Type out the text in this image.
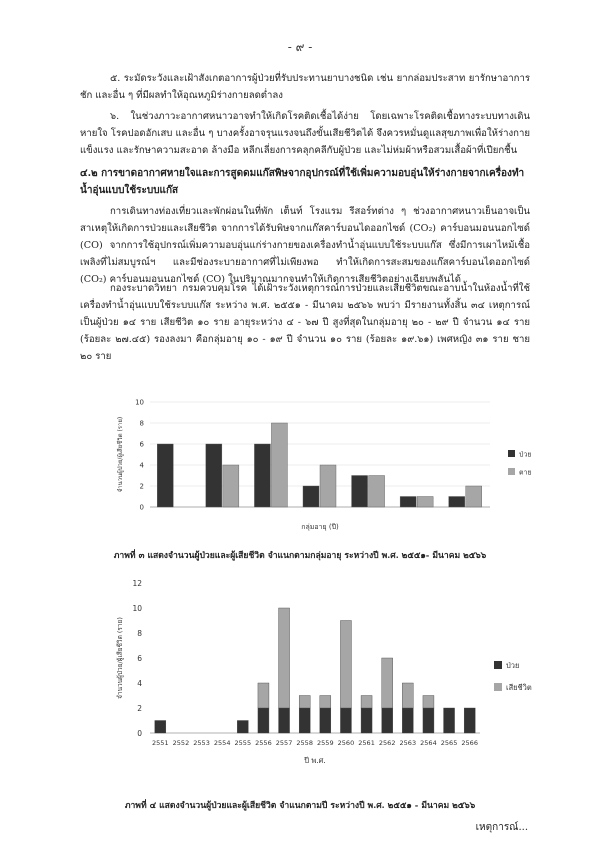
- ๙ -
๕. ระมัดระวังและเฝ้าสังเกตอาการผู้ป่วยที่รับประทานยาบางชนิด เช่น ยากล่อมประสาท ยารักษาอาการชัก และอื่น ๆ ที่มีผลทำให้อุณหภูมิร่างกายลดต่ำลง
๖. ในช่วงภาวะอากาศหนาวอาจทำให้เกิดโรคติดเชื้อได้ง่าย โดยเฉพาะโรคติดเชื้อทางระบบทางเดินหายใจ โรคปอดอักเสบ และอื่น ๆ บางครั้งอาจรุนแรงจนถึงขั้นเสียชีวิตได้ จึงควรหมั่นดูแลสุขภาพเพื่อให้ร่างกายแข็งแรง และรักษาความสะอาด ล้างมือ หลีกเลี่ยงการคลุกคลีกับผู้ป่วย และไม่ห่มผ้าหรือสวมเสื้อผ้าที่เปียกชื้น
๔.๒ การขาดอากาศหายใจและการสูดดมแก๊สพิษจากอุปกรณ์ที่ใช้เพิ่มความอบอุ่นให้ร่างกายจากเครื่องทำน้ำอุ่นแบบใช้ระบบแก๊ส
การเดินทางท่องเที่ยวและพักผ่อนในที่พัก เต็นท์ โรงแรม รีสอร์ทต่าง ๆ ช่วงอากาศหนาวเย็นอาจเป็นสาเหตุให้เกิดการป่วยและเสียชีวิต จากการได้รับพิษจากแก๊สคาร์บอนไดออกไซด์ (CO₂) คาร์บอนมอนนอกไซด์ (CO) จากการใช้อุปกรณ์เพิ่มความอบอุ่นแก่ร่างกายของเครื่องทำน้ำอุ่นแบบใช้ระบบแก๊ส ซึ่งมีการเผาไหม้เชื้อเพลิงที่ไม่สมบูรณ์ฯ และมีช่องระบายอากาศที่ไม่เพียงพอ ทำให้เกิดการสะสมของแก๊สคาร์บอนไดออกไซด์ (CO₂) คาร์บอนมอนนอกไซด์ (CO) ในปริมาณมากจนทำให้เกิดการเสียชีวิตอย่างเฉียบพลันได้
กองระบาดวิทยา กรมควบคุมโรค ได้เฝ้าระวังเหตุการณ์การป่วยและเสียชีวิตขณะอาบน้ำในห้องน้ำที่ใช้เครื่องทำน้ำอุ่นแบบใช้ระบบแก๊ส ระหว่าง พ.ศ. ๒๕๕๑ - มีนาคม ๒๕๖๖ พบว่า มีรายงานทั้งสิ้น ๓๔ เหตุการณ์ เป็นผู้ป่วย ๑๔ ราย เสียชีวิต ๑๐ ราย อายุระหว่าง ๔ - ๖๗ ปี สูงที่สุดในกลุ่มอายุ ๒๐ - ๒๙ ปี จำนวน ๑๔ ราย (ร้อยละ ๒๗.๔๕) รองลงมา คือกลุ่มอายุ ๑๐ - ๑๙ ปี จำนวน ๑๐ ราย (ร้อยละ ๑๙.๖๑) เพศหญิง ๓๑ ราย ชาย ๒๐ ราย
0
2
4
6
8
10
กลุ่มอายุ (ปี)
จำนวนผู้ป่วย/ผู้เสียชีวิต (ราย)	ป่วย
ตาย
ภาพที่ ๓ แสดงจำนวนผู้ป่วยและผู้เสียชีวิต จำแนกตามกลุ่มอายุ ระหว่างปี พ.ศ. ๒๕๕๑- มีนาคม ๒๕๖๖
0
2
4
6
8
10
12
2551 2552 2553 2554 2555 2556 2557 2558 2559 2560 2561 2562 2563 2564 2565 2566
ปี พ.ศ.
จำนวนผู้ป่วย/ผู้เสียชีวิต (ราย)	ป่วย
เสียชีวิต
ภาพที่ ๔ แสดงจำนวนผู้ป่วยและผู้เสียชีวิต จำแนกตามปี ระหว่างปี พ.ศ. ๒๕๕๑ - มีนาคม ๒๕๖๖
เหตุการณ์...
